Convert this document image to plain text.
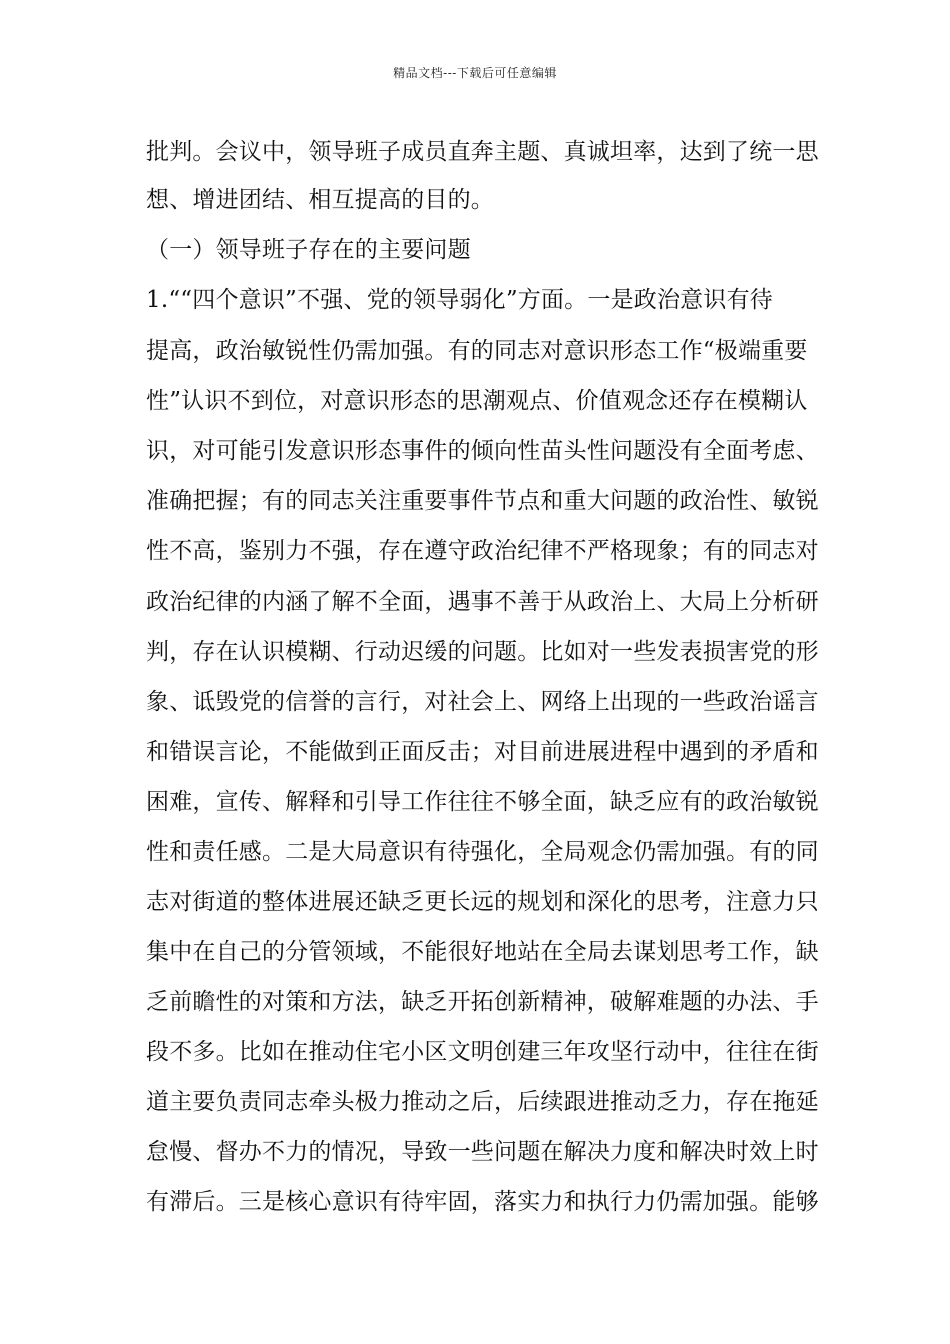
精品文档---下载后可任意编辑
批判。会议中，领导班子成员直奔主题、真诚坦率，达到了统一思
想、增进团结、相互提高的目的。
（一）领导班子存在的主要问题
1.““四个意识”不强、党的领导弱化”方面。一是政治意识有待
提高，政治敏锐性仍需加强。有的同志对意识形态工作“极端重要
性”认识不到位，对意识形态的思潮观点、价值观念还存在模糊认
识，对可能引发意识形态事件的倾向性苗头性问题没有全面考虑、
准确把握；有的同志关注重要事件节点和重大问题的政治性、敏锐
性不高，鉴别力不强，存在遵守政治纪律不严格现象；有的同志对
政治纪律的内涵了解不全面，遇事不善于从政治上、大局上分析研
判，存在认识模糊、行动迟缓的问题。比如对一些发表损害党的形
象、诋毁党的信誉的言行，对社会上、网络上出现的一些政治谣言
和错误言论，不能做到正面反击；对目前进展进程中遇到的矛盾和
困难，宣传、解释和引导工作往往不够全面，缺乏应有的政治敏锐
性和责任感。二是大局意识有待强化，全局观念仍需加强。有的同
志对街道的整体进展还缺乏更长远的规划和深化的思考，注意力只
集中在自己的分管领域，不能很好地站在全局去谋划思考工作，缺
乏前瞻性的对策和方法，缺乏开拓创新精神，破解难题的办法、手
段不多。比如在推动住宅小区文明创建三年攻坚行动中，往往在街
道主要负责同志牵头极力推动之后，后续跟进推动乏力，存在拖延
怠慢、督办不力的情况，导致一些问题在解决力度和解决时效上时
有滞后。三是核心意识有待牢固，落实力和执行力仍需加强。能够
